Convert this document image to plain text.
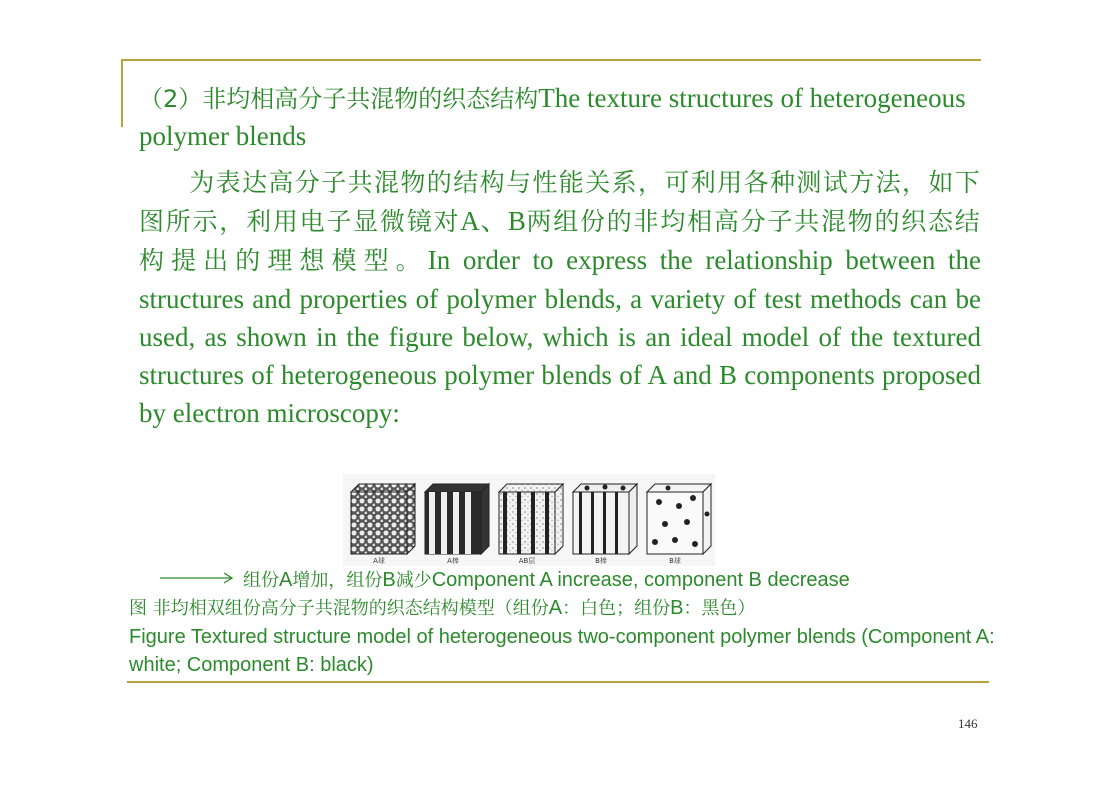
（2）非均相高分子共混物的织态结构The texture structures of heterogeneous polymer blends
为表达高分子共混物的结构与性能关系，可利用各种测试方法，如下图所示，利用电子显微镜对A、B两组份的非均相高分子共混物的织态结构提出的理想模型。In order to express the relationship between the structures and properties of polymer blends, a variety of test methods can be used, as shown in the figure below, which is an ideal model of the textured structures of heterogeneous polymer blends of A and B components proposed by electron microscopy:
A球	A棒	AB层	B棒	B球
组份A增加，组份B减少Component A increase, component B decrease
图 非均相双组份高分子共混物的织态结构模型（组份A：白色；组份B：黑色）
Figure Textured structure model of heterogeneous two-component polymer blends (Component A: white; Component B: black)
146
